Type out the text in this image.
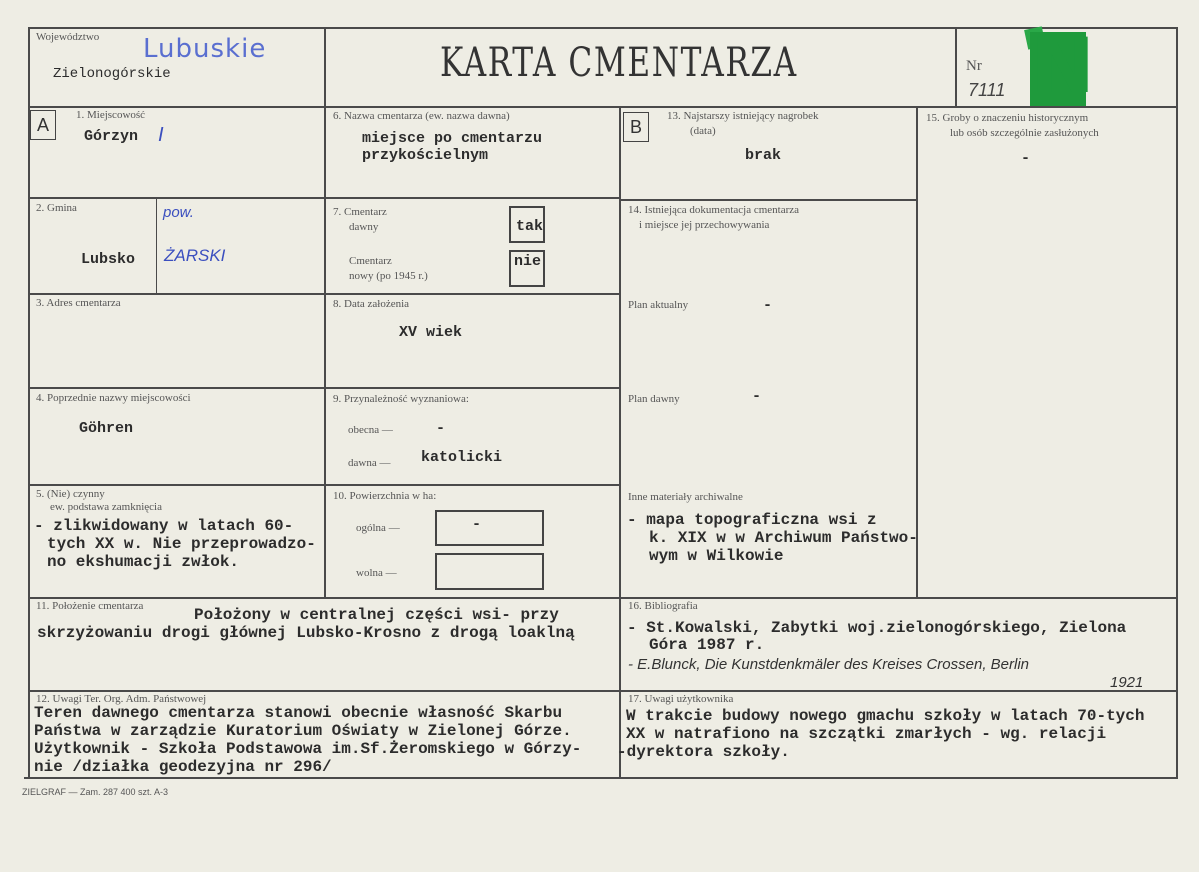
Województwo Lubuskie
Zielonogórskie	KARTA CMENTARZA	Nr
7111 N
A	B
1. Miejscowość
Górzyn I
2. Gmina
Lubsko
pow.
ŻARSKI
3. Adres cmentarza
4. Poprzednie nazwy miejscowości
Göhren
5. (Nie) czynny
ew. podstawa zamknięcia
- zlikwidowany w latach 60-
tych XX w. Nie przeprowadzo-
no ekshumacji zwłok.
6. Nazwa cmentarza (ew. nazwa dawna)
miejsce po cmentarzu
przykościelnym
7. Cmentarz
dawny	tak
Cmentarz
nowy (po 1945 r.)
nie
8. Data założenia
XV wiek
9. Przynależność wyznaniowa:
obecna —	-
dawna — katolicki
10. Powierzchnia w ha:
ogólna —	-
wolna —
11. Położenie cmentarza	Położony w centralnej części wsi- przy
skrzyżowaniu drogi głównej Lubsko-Krosno z drogą loaklną
12. Uwagi Ter. Org. Adm. Państwowej
Teren dawnego cmentarza stanowi obecnie własność Skarbu
Państwa w zarządzie Kuratorium Oświaty w Zielonej Górze.
Użytkownik - Szkoła Podstawowa im.Sf.Żeromskiego w Górzy-
nie /działka geodezyjna nr 296/
13. Najstarszy istniejący nagrobek
(data)
brak
14. Istniejąca dokumentacja cmentarza
i miejsce jej przechowywania
Plan aktualny	-
Plan dawny	-
Inne materiały archiwalne
- mapa topograficzna wsi z
k. XIX w w Archiwum Państwo-
wym w Wilkowie
15. Groby o znaczeniu historycznym
lub osób szczególnie zasłużonych
-
16. Bibliografia
- St.Kowalski, Zabytki woj.zielonogórskiego, Zielona
Góra 1987 r.
- E.Blunck, Die Kunstdenkmäler des Kreises Crossen, Berlin
1921
17. Uwagi użytkownika
W trakcie budowy nowego gmachu szkoły w latach 70-tych
XX w natrafiono na szczątki zmarłych - wg. relacji
-dyrektora szkoły.
ZIELGRAF — Zam. 287 400 szt. A-3
